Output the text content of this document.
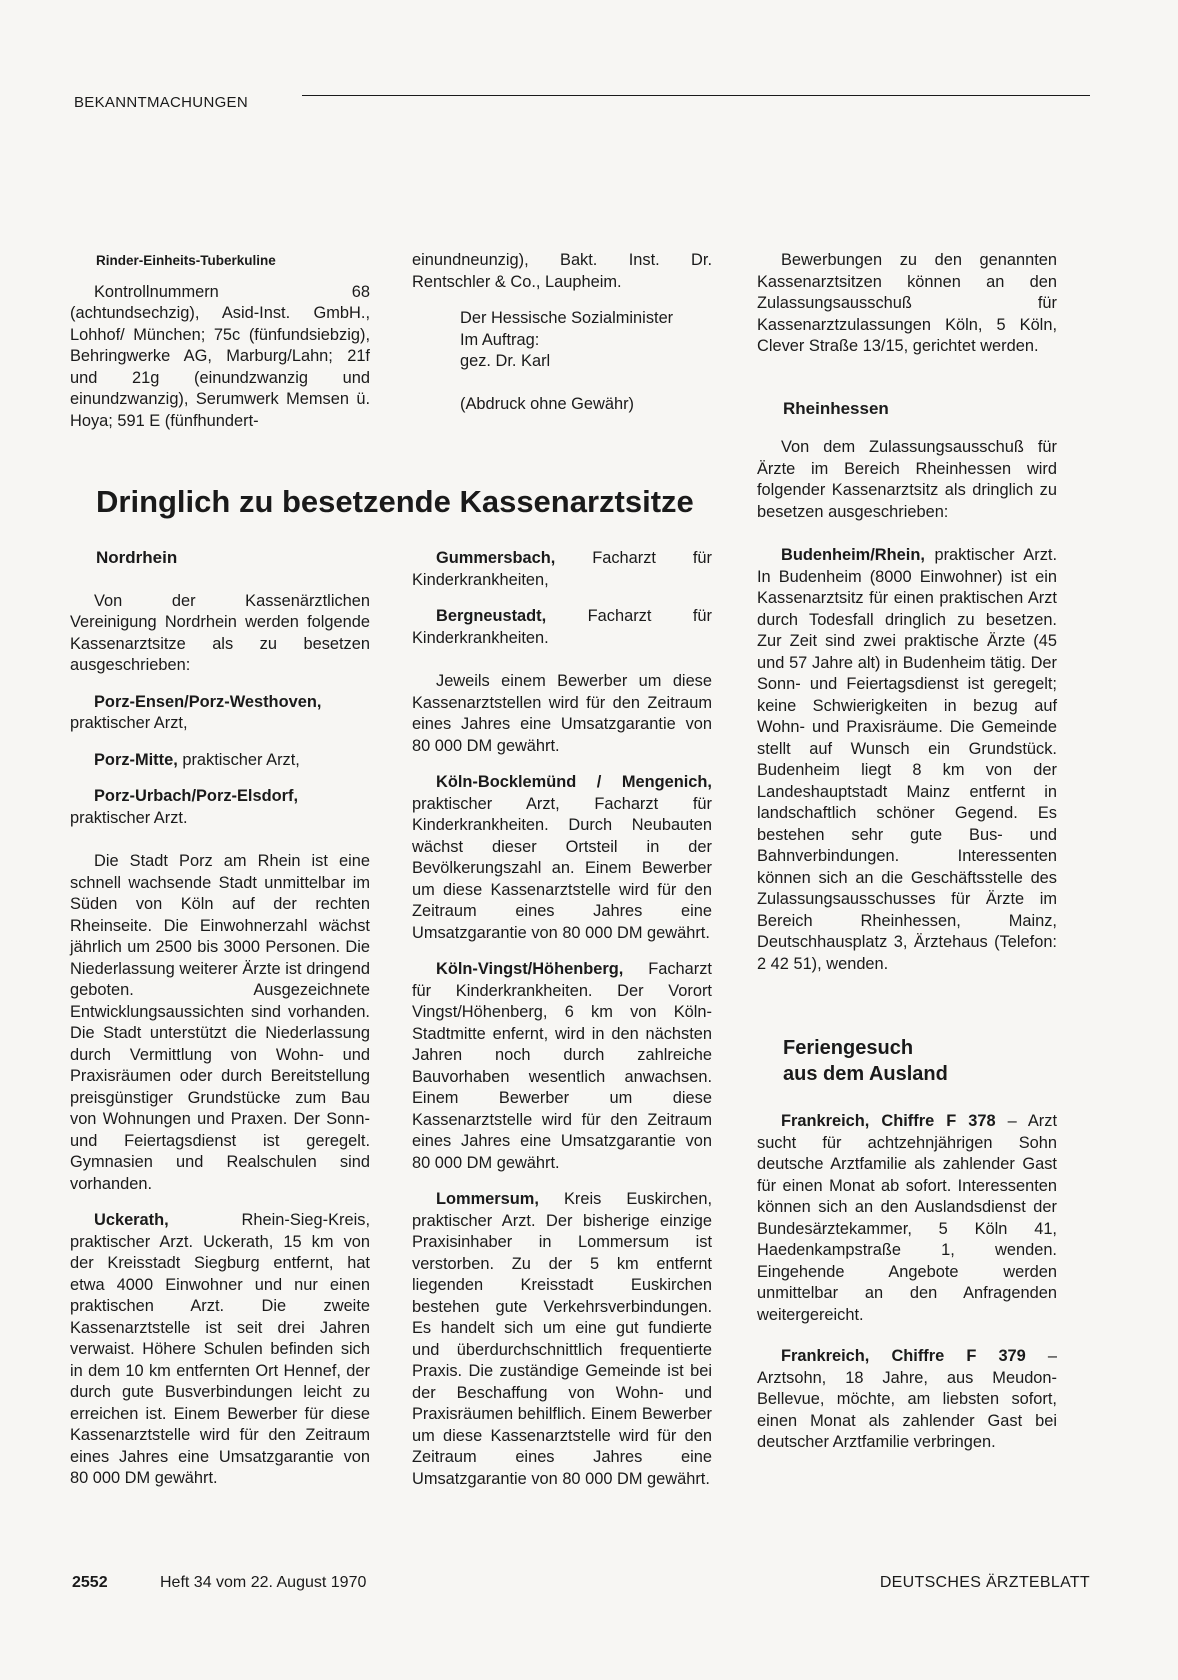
BEKANNTMACHUNGEN
Rinder-Einheits-Tuberkuline

Kontrollnummern 68 (achtundsechzig), Asid-Inst. GmbH., Lohhof/ München; 75c (fünfundsiebzig), Behringwerke AG, Marburg/Lahn; 21f und 21g (einundzwanzig und einundzwanzig), Serumwerk Memsen ü. Hoya; 591 E (fünfhundert-

einundneunzig), Bakt. Inst. Dr. Rentschler & Co., Laupheim.

Der Hessische Sozialminister
Im Auftrag:
gez. Dr. Karl
(Abdruck ohne Gewähr)
Dringlich zu besetzende Kassenarztsitze
Nordrhein

Von der Kassenärztlichen Vereinigung Nordrhein werden folgende Kassenarztsitze als zu besetzen ausgeschrieben:

Porz-Ensen/Porz-Westhoven, praktischer Arzt,

Porz-Mitte, praktischer Arzt,

Porz-Urbach/Porz-Elsdorf, praktischer Arzt.

Die Stadt Porz am Rhein ist eine schnell wachsende Stadt unmittelbar im Süden von Köln auf der rechten Rheinseite. Die Einwohnerzahl wächst jährlich um 2500 bis 3000 Personen. Die Niederlassung weiterer Ärzte ist dringend geboten. Ausgezeichnete Entwicklungsaussichten sind vorhanden. Die Stadt unterstützt die Niederlassung durch Vermittlung von Wohn- und Praxisräumen oder durch Bereitstellung preisgünstiger Grundstücke zum Bau von Wohnungen und Praxen. Der Sonn- und Feiertagsdienst ist geregelt. Gymnasien und Realschulen sind vorhanden.

Uckerath, Rhein-Sieg-Kreis, praktischer Arzt. Uckerath, 15 km von der Kreisstadt Siegburg entfernt, hat etwa 4000 Einwohner und nur einen praktischen Arzt. Die zweite Kassenarztstelle ist seit drei Jahren verwaist. Höhere Schulen befinden sich in dem 10 km entfernten Ort Hennef, der durch gute Busverbindungen leicht zu erreichen ist. Einem Bewerber für diese Kassenarztstelle wird für den Zeitraum eines Jahres eine Umsatzgarantie von 80 000 DM gewährt.

Gummersbach, Facharzt für Kinderkrankheiten,

Bergneustadt, Facharzt für Kinderkrankheiten.

Jeweils einem Bewerber um diese Kassenarztstellen wird für den Zeitraum eines Jahres eine Umsatzgarantie von 80 000 DM gewährt.

Köln-Bocklemünd / Mengenich, praktischer Arzt, Facharzt für Kinderkrankheiten. Durch Neubauten wächst dieser Ortsteil in der Bevölkerungszahl an. Einem Bewerber um diese Kassenarztstelle wird für den Zeitraum eines Jahres eine Umsatzgarantie von 80 000 DM gewährt.

Köln-Vingst/Höhenberg, Facharzt für Kinderkrankheiten. Der Vorort Vingst/Höhenberg, 6 km von Köln-Stadtmitte enfernt, wird in den nächsten Jahren noch durch zahlreiche Bauvorhaben wesentlich anwachsen. Einem Bewerber um diese Kassenarztstelle wird für den Zeitraum eines Jahres eine Umsatzgarantie von 80 000 DM gewährt.

Lommersum, Kreis Euskirchen, praktischer Arzt. Der bisherige einzige Praxisinhaber in Lommersum ist verstorben. Zu der 5 km entfernt liegenden Kreisstadt Euskirchen bestehen gute Verkehrsverbindungen. Es handelt sich um eine gut fundierte und überdurchschnittlich frequentierte Praxis. Die zuständige Gemeinde ist bei der Beschaffung von Wohn- und Praxisräumen behilflich. Einem Bewerber um diese Kassenarztstelle wird für den Zeitraum eines Jahres eine Umsatzgarantie von 80 000 DM gewährt.

Bewerbungen zu den genannten Kassenarztsitzen können an den Zulassungsausschuß für Kassenarztzulassungen Köln, 5 Köln, Clever Straße 13/15, gerichtet werden.

Rheinhessen

Von dem Zulassungsausschuß für Ärzte im Bereich Rheinhessen wird folgender Kassenarztsitz als dringlich zu besetzen ausgeschrieben:

Budenheim/Rhein, praktischer Arzt. In Budenheim (8000 Einwohner) ist ein Kassenarztsitz für einen praktischen Arzt durch Todesfall dringlich zu besetzen. Zur Zeit sind zwei praktische Ärzte (45 und 57 Jahre alt) in Budenheim tätig. Der Sonn- und Feiertagsdienst ist geregelt; keine Schwierigkeiten in bezug auf Wohn- und Praxisräume. Die Gemeinde stellt auf Wunsch ein Grundstück. Budenheim liegt 8 km von der Landeshauptstadt Mainz entfernt in landschaftlich schöner Gegend. Es bestehen sehr gute Bus- und Bahnverbindungen. Interessenten können sich an die Geschäftsstelle des Zulassungsausschusses für Ärzte im Bereich Rheinhessen, Mainz, Deutschhausplatz 3, Ärztehaus (Telefon: 2 42 51), wenden.

Feriengesuch
aus dem Ausland

Frankreich, Chiffre F 378 – Arzt sucht für achtzehnjährigen Sohn deutsche Arztfamilie als zahlender Gast für einen Monat ab sofort. Interessenten können sich an den Auslandsdienst der Bundesärztekammer, 5 Köln 41, Haedenkampstraße 1, wenden. Eingehende Angebote werden unmittelbar an den Anfragenden weitergereicht.

Frankreich, Chiffre F 379 – Arztsohn, 18 Jahre, aus Meudon-Bellevue, möchte, am liebsten sofort, einen Monat als zahlender Gast bei deutscher Arztfamilie verbringen.

2552	Heft 34 vom 22. August 1970	DEUTSCHES ÄRZTEBLATT
